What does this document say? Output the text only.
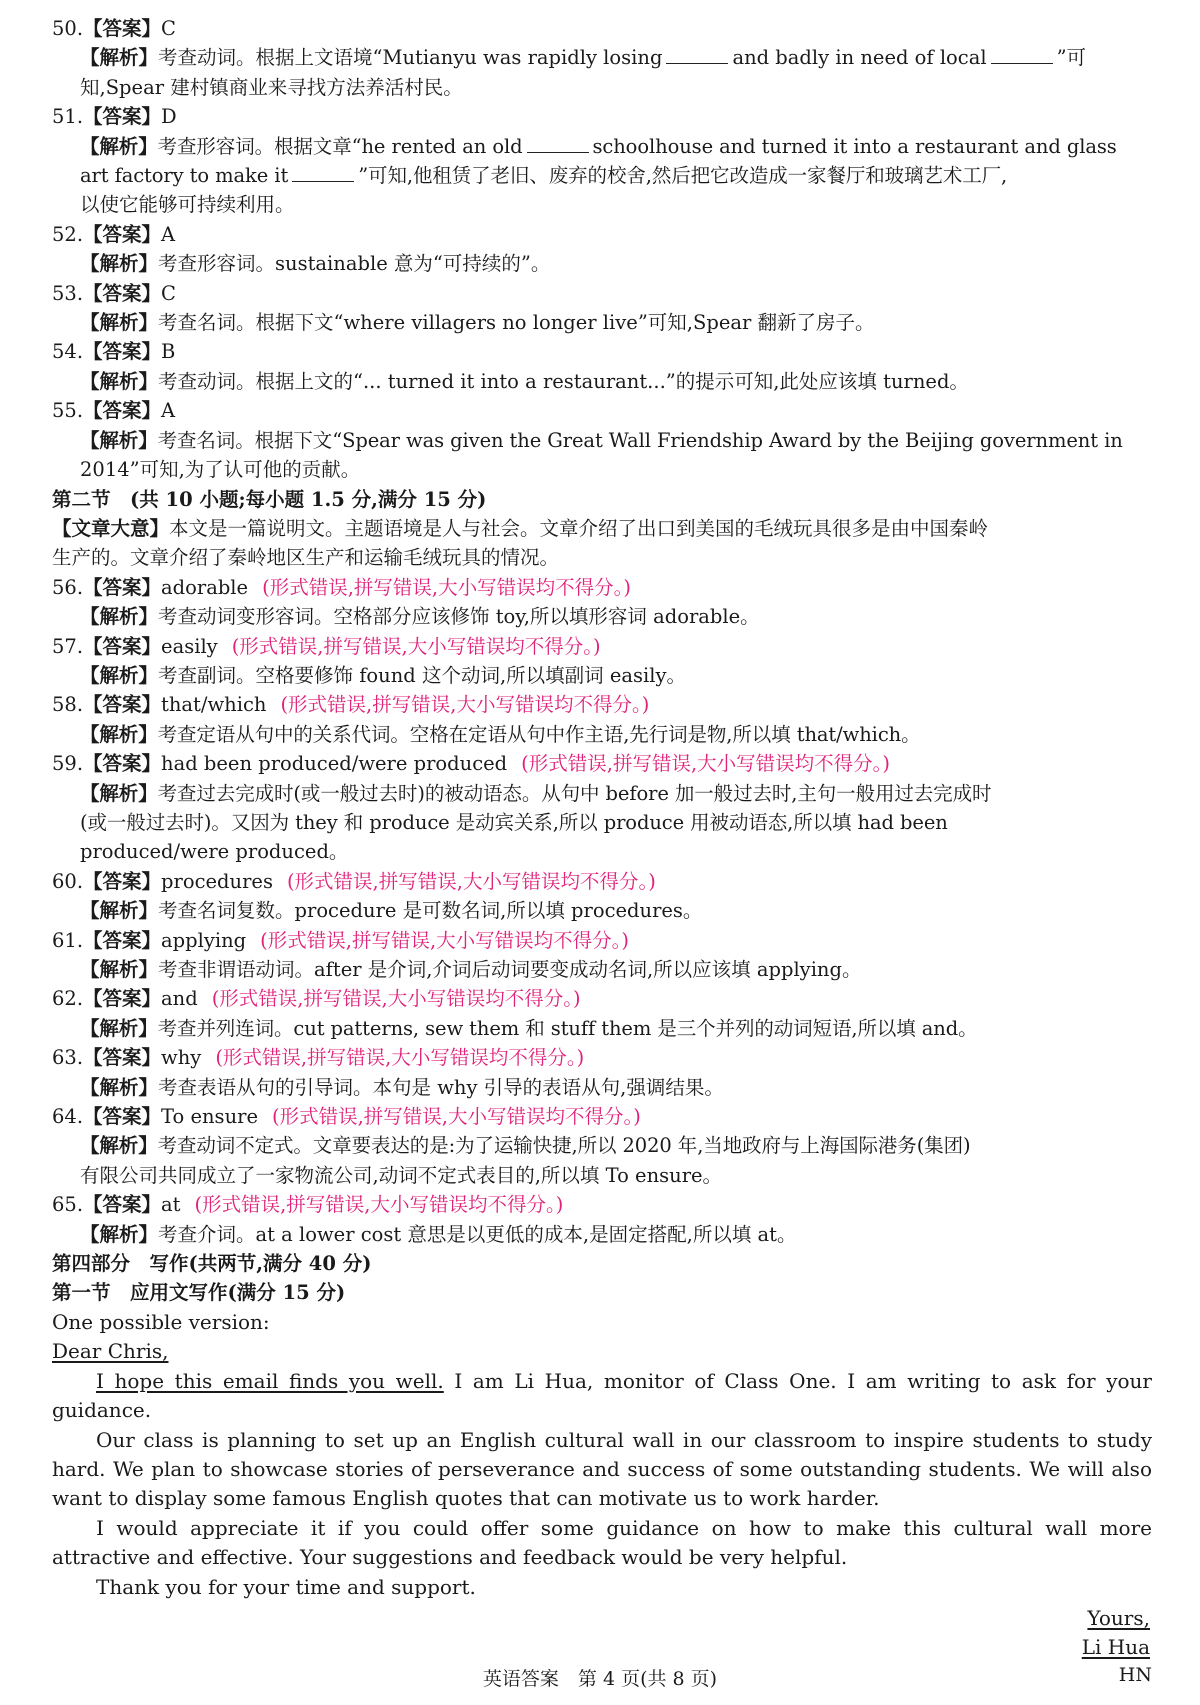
50.【答案】C
【解析】考查动词。根据上文语境“Mutianyu was rapidly losing	and badly in need of local	”可
知,Spear 建村镇商业来寻找方法养活村民。
51.【答案】D
【解析】考查形容词。根据文章“he rented an old	schoolhouse and turned it into a restaurant and glass
art factory to make it	”可知,他租赁了老旧、废弃的校舍,然后把它改造成一家餐厅和玻璃艺术工厂,
以使它能够可持续利用。
52.【答案】A
【解析】考查形容词。sustainable 意为“可持续的”。
53.【答案】C
【解析】考查名词。根据下文“where villagers no longer live”可知,Spear 翻新了房子。
54.【答案】B
【解析】考查动词。根据上文的“... turned it into a restaurant...”的提示可知,此处应该填 turned。
55.【答案】A
【解析】考查名词。根据下文“Spear was given the Great Wall Friendship Award by the Beijing government in
2014”可知,为了认可他的贡献。
第二节　(共 10 小题;每小题 1.5 分,满分 15 分)
【文章大意】本文是一篇说明文。主题语境是人与社会。文章介绍了出口到美国的毛绒玩具很多是由中国秦岭
生产的。文章介绍了秦岭地区生产和运输毛绒玩具的情况。
56.【答案】adorable (形式错误,拼写错误,大小写错误均不得分。)
【解析】考查动词变形容词。空格部分应该修饰 toy,所以填形容词 adorable。
57.【答案】easily (形式错误,拼写错误,大小写错误均不得分。)
【解析】考查副词。空格要修饰 found 这个动词,所以填副词 easily。
58.【答案】that/which (形式错误,拼写错误,大小写错误均不得分。)
【解析】考查定语从句中的关系代词。空格在定语从句中作主语,先行词是物,所以填 that/which。
59.【答案】had been produced/were produced (形式错误,拼写错误,大小写错误均不得分。)
【解析】考查过去完成时(或一般过去时)的被动语态。从句中 before 加一般过去时,主句一般用过去完成时
(或一般过去时)。又因为 they 和 produce 是动宾关系,所以 produce 用被动语态,所以填 had been
produced/were produced。
60.【答案】procedures (形式错误,拼写错误,大小写错误均不得分。)
【解析】考查名词复数。procedure 是可数名词,所以填 procedures。
61.【答案】applying (形式错误,拼写错误,大小写错误均不得分。)
【解析】考查非谓语动词。after 是介词,介词后动词要变成动名词,所以应该填 applying。
62.【答案】and (形式错误,拼写错误,大小写错误均不得分。)
【解析】考查并列连词。cut patterns, sew them 和 stuff them 是三个并列的动词短语,所以填 and。
63.【答案】why (形式错误,拼写错误,大小写错误均不得分。)
【解析】考查表语从句的引导词。本句是 why 引导的表语从句,强调结果。
64.【答案】To ensure (形式错误,拼写错误,大小写错误均不得分。)
【解析】考查动词不定式。文章要表达的是:为了运输快捷,所以 2020 年,当地政府与上海国际港务(集团)
有限公司共同成立了一家物流公司,动词不定式表目的,所以填 To ensure。
65.【答案】at (形式错误,拼写错误,大小写错误均不得分。)
【解析】考查介词。at a lower cost 意思是以更低的成本,是固定搭配,所以填 at。
第四部分　写作(共两节,满分 40 分)
第一节　应用文写作(满分 15 分)
One possible version:
Dear Chris,
I hope this email finds you well. I am Li Hua, monitor of Class One. I am writing to ask for your guidance.
Our class is planning to set up an English cultural wall in our classroom to inspire students to study hard. We plan to showcase stories of perseverance and success of some outstanding students. We will also want to display some famous English quotes that can motivate us to work harder.
I would appreciate it if you could offer some guidance on how to make this cultural wall more attractive and effective. Your suggestions and feedback would be very helpful.
Thank you for your time and support.
Yours,
Li Hua
英语答案　第 4 页(共 8 页)	HN
